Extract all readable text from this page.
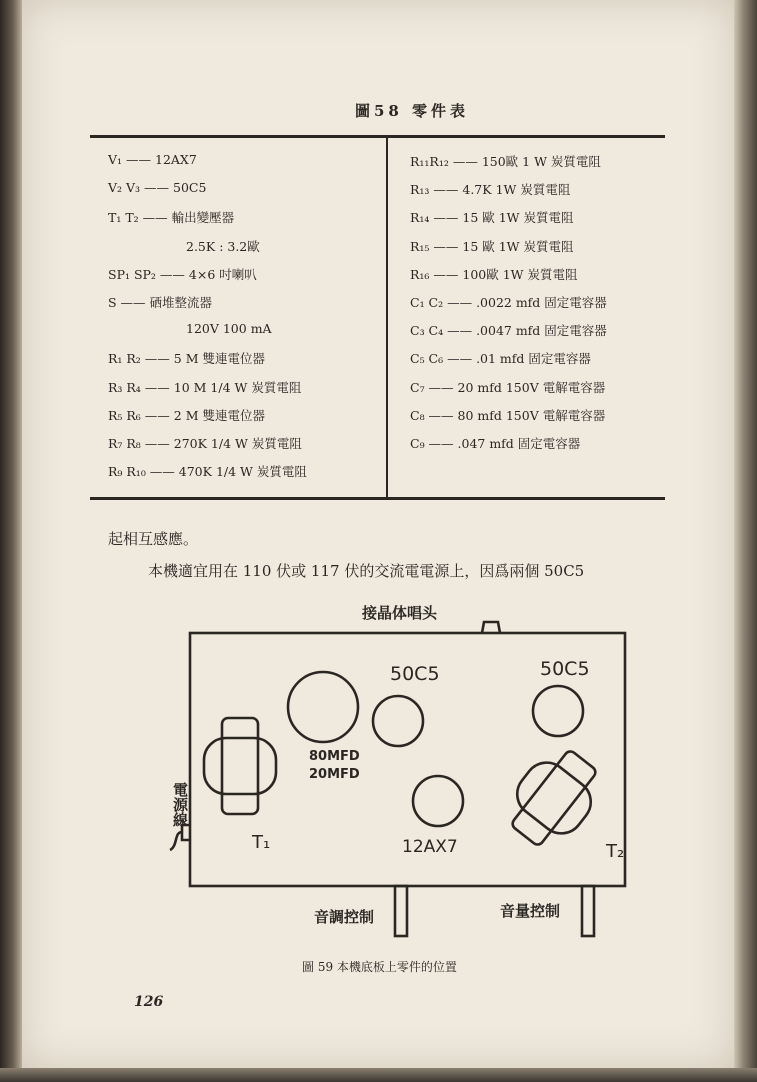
圖58 零件表
V₁ —— 12AX7
V₂ V₃ —— 50C5
T₁ T₂ —— 輸出變壓器
2.5K : 3.2歐
SP₁ SP₂ —— 4×6 吋喇叭
S —— 硒堆整流器
120V 100 mA
R₁ R₂ —— 5 M 雙連電位器
R₃ R₄ —— 10 M 1/4 W 炭質電阻
R₅ R₆ —— 2 M 雙連電位器
R₇ R₈ —— 270K 1/4 W 炭質電阻
R₉ R₁₀ —— 470K 1/4 W 炭質電阻
R₁₁R₁₂ —— 150歐 1 W 炭質電阻
R₁₃ —— 4.7K 1W 炭質電阻
R₁₄ —— 15 歐 1W 炭質電阻
R₁₅ —— 15 歐 1W 炭質電阻
R₁₆ —— 100歐 1W 炭質電阻
C₁ C₂ —— .0022 mfd 固定電容器
C₃ C₄ —— .0047 mfd 固定電容器
C₅ C₆ —— .01 mfd 固定電容器
C₇ —— 20 mfd 150V 電解電容器
C₈ —— 80 mfd 150V 電解電容器
C₉ —— .047 mfd 固定電容器
起相互感應。
本機適宜用在 110 伏或 117 伏的交流電電源上，因爲兩個 50C5
接晶体唱头
50C5	50C5
80MFD
20MFD
12AX7
T₁	T₂
音調控制	音量控制
電源線
圖 59 本機底板上零件的位置
126
